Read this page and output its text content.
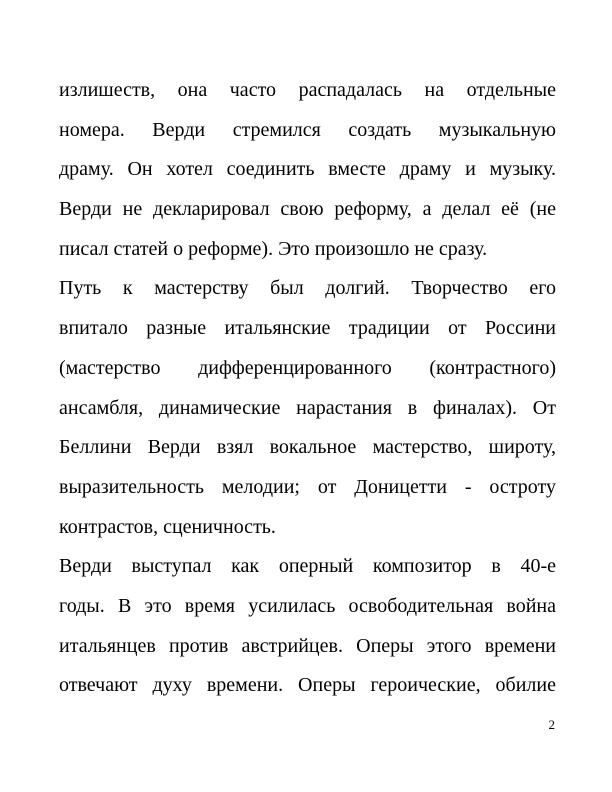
излишеств, она часто распадалась на отдельные
номера. Верди стремился создать музыкальную
драму. Он хотел соединить вместе драму и музыку.
Верди не декларировал свою реформу, а делал её (не
писал статей о реформе). Это произошло не сразу.
Путь к мастерству был долгий. Творчество его
впитало разные итальянские традиции от Россини
(мастерство дифференцированного (контрастного)
ансамбля, динамические нарастания в финалах). От
Беллини Верди взял вокальное мастерство, широту,
выразительность мелодии; от Доницетти - остроту
контрастов, сценичность.
Верди выступал как оперный композитор в 40-е
годы. В это время усилилась освободительная война
итальянцев против австрийцев. Оперы этого времени
отвечают духу времени. Оперы героические, обилие
2
